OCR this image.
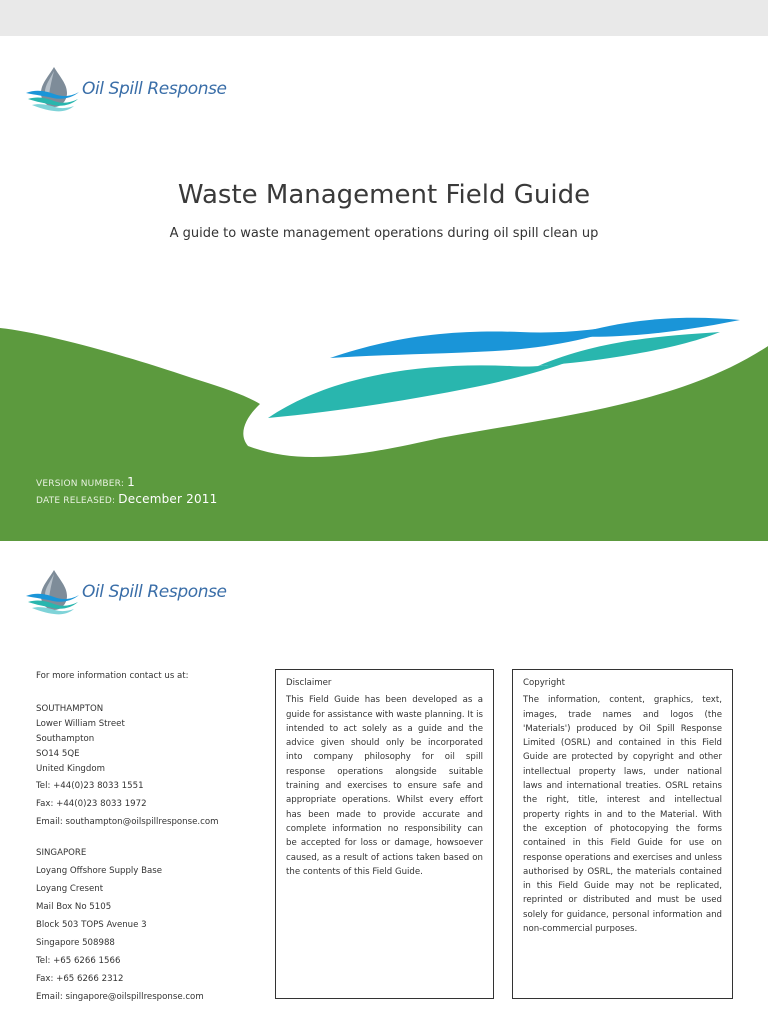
Oil Spill Response
Waste Management Field Guide
A guide to waste management operations during oil spill clean up
VERSION NUMBER: 1
DATE RELEASED: December 2011
Oil Spill Response
For more information contact us at:
SOUTHAMPTON
Lower William Street
Southampton
SO14 5QE
United Kingdom
Tel: +44(0)23 8033 1551
Fax: +44(0)23 8033 1972
Email: southampton@oilspillresponse.com
SINGAPORE
Loyang Offshore Supply Base
Loyang Cresent
Mail Box No 5105
Block 503 TOPS Avenue 3
Singapore 508988
Tel: +65 6266 1566
Fax: +65 6266 2312
Email: singapore@oilspillresponse.com
Disclaimer
This Field Guide has been developed as a guide for assistance with waste planning. It is intended to act solely as a guide and the advice given should only be incorporated into company philosophy for oil spill response operations alongside suitable training and exercises to ensure safe and appropriate operations. Whilst every effort has been made to provide accurate and complete information no responsibility can be accepted for loss or damage, howsoever caused, as a result of actions taken based on the contents of this Field Guide.
Copyright
The information, content, graphics, text, images, trade names and logos (the 'Materials') produced by Oil Spill Response Limited (OSRL) and contained in this Field Guide are protected by copyright and other intellectual property laws, under national laws and international treaties. OSRL retains the right, title, interest and intellectual property rights in and to the Material. With the exception of photocopying the forms contained in this Field Guide for use on response operations and exercises and unless authorised by OSRL, the materials contained in this Field Guide may not be replicated, reprinted or distributed and must be used solely for guidance, personal information and non-commercial purposes.
